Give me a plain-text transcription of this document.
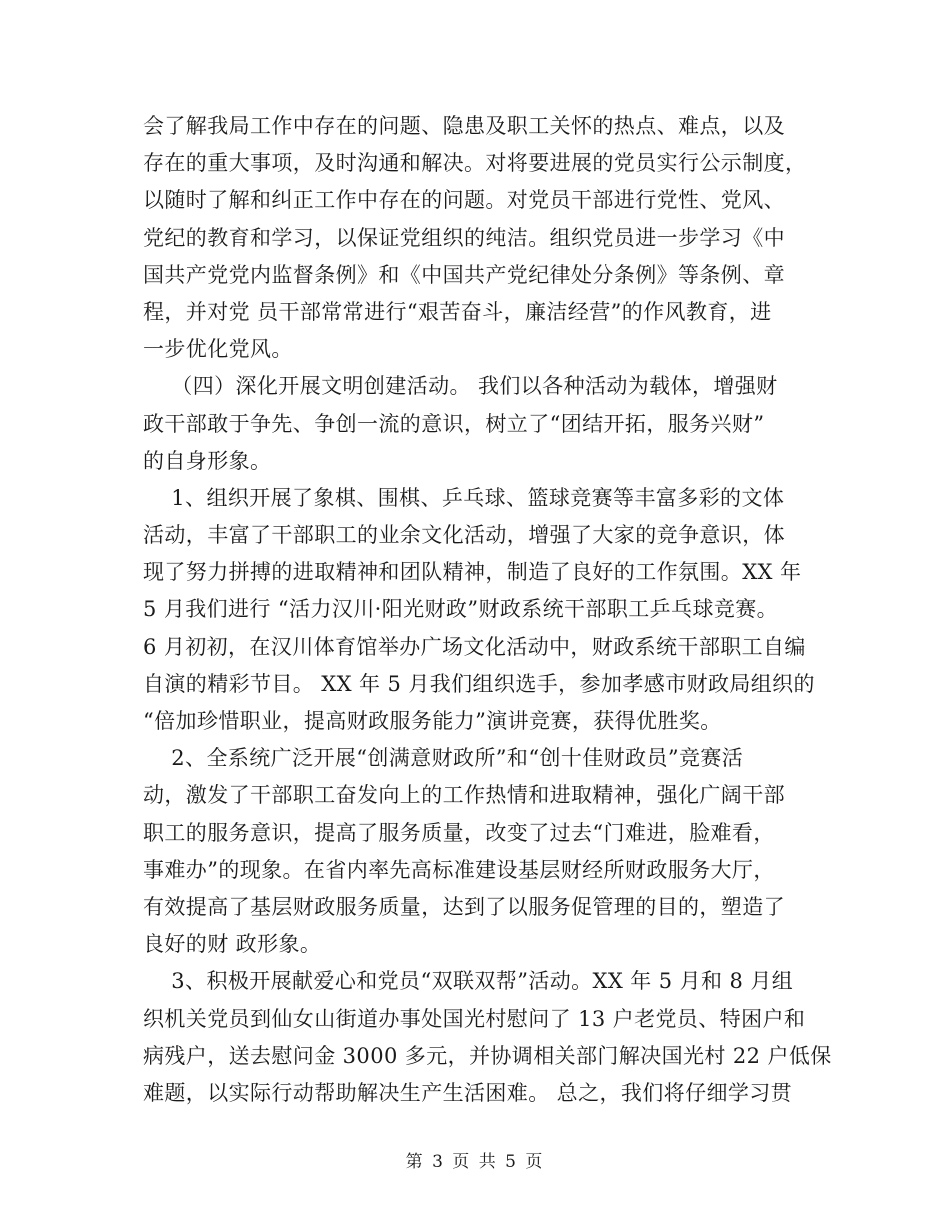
会了解我局工作中存在的问题、隐患及职工关怀的热点、难点，以及
存在的重大事项，及时沟通和解决。对将要进展的党员实行公示制度，
以随时了解和纠正工作中存在的问题。对党员干部进行党性、党风、
党纪的教育和学习，以保证党组织的纯洁。组织党员进一步学习《中
国共产党党内监督条例》和《中国共产党纪律处分条例》等条例、章
程，并对党 员干部常常进行“艰苦奋斗，廉洁经营”的作风教育，进
一步优化党风。
（四）深化开展文明创建活动。 我们以各种活动为载体，增强财
政干部敢于争先、争创一流的意识，树立了“团结开拓，服务兴财”
的自身形象。
1、组织开展了象棋、围棋、乒乓球、篮球竞赛等丰富多彩的文体
活动，丰富了干部职工的业余文化活动，增强了大家的竞争意识，体
现了努力拼搏的进取精神和团队精神，制造了良好的工作氛围。XX 年
5 月我们进行 “活力汉川·阳光财政”财政系统干部职工乒乓球竞赛。
6 月初初，在汉川体育馆举办广场文化活动中，财政系统干部职工自编
自演的精彩节目。 XX 年 5 月我们组织选手，参加孝感市财政局组织的
“倍加珍惜职业，提高财政服务能力”演讲竞赛，获得优胜奖。
2、全系统广泛开展“创满意财政所”和“创十佳财政员”竞赛活
动，激发了干部职工奋发向上的工作热情和进取精神，强化广阔干部
职工的服务意识，提高了服务质量，改变了过去“门难进，脸难看，
事难办”的现象。在省内率先高标准建设基层财经所财政服务大厅，
有效提高了基层财政服务质量，达到了以服务促管理的目的，塑造了
良好的财 政形象。
3、积极开展献爱心和党员“双联双帮”活动。XX 年 5 月和 8 月组
织机关党员到仙女山街道办事处国光村慰问了 13 户老党员、特困户和
病残户，送去慰问金 3000 多元，并协调相关部门解决国光村 22 户低保
难题，以实际行动帮助解决生产生活困难。 总之，我们将仔细学习贯
第 3 页 共 5 页
